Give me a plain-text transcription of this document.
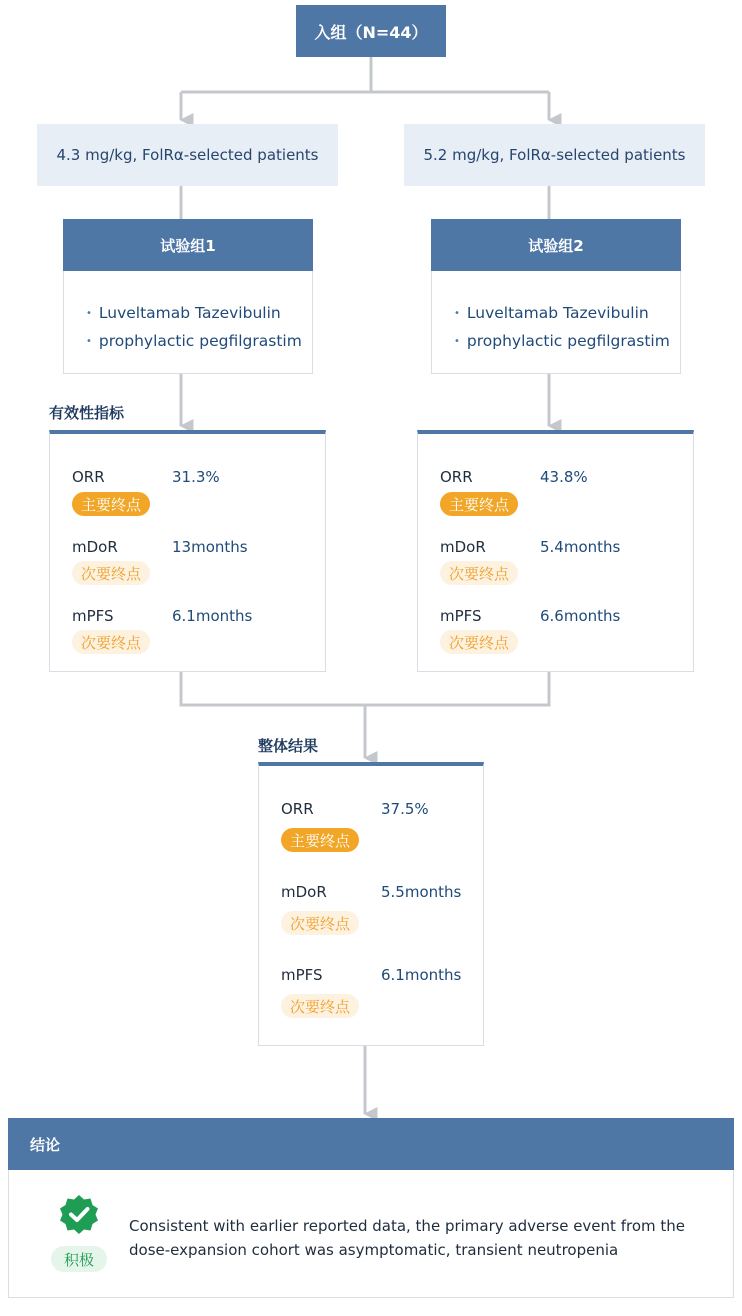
入组（N=44）
4.3 mg/kg, FolRα-selected patients	5.2 mg/kg, FolRα-selected patients
试验组1
• Luveltamab Tazevibulin
• prophylactic pegfilgrastim
试验组2
• Luveltamab Tazevibulin
• prophylactic pegfilgrastim
有效性指标
ORR	31.3%
主要终点
mDoR	13months
次要终点
mPFS	6.1months
次要终点
ORR	43.8%
主要终点
mDoR	5.4months
次要终点
mPFS	6.6months
次要终点
整体结果
ORR	37.5%
主要终点
mDoR	5.5months
次要终点
mPFS	6.1months
次要终点
结论
积极
Consistent with earlier reported data, the primary adverse event from the dose-expansion cohort was asymptomatic, transient neutropenia
